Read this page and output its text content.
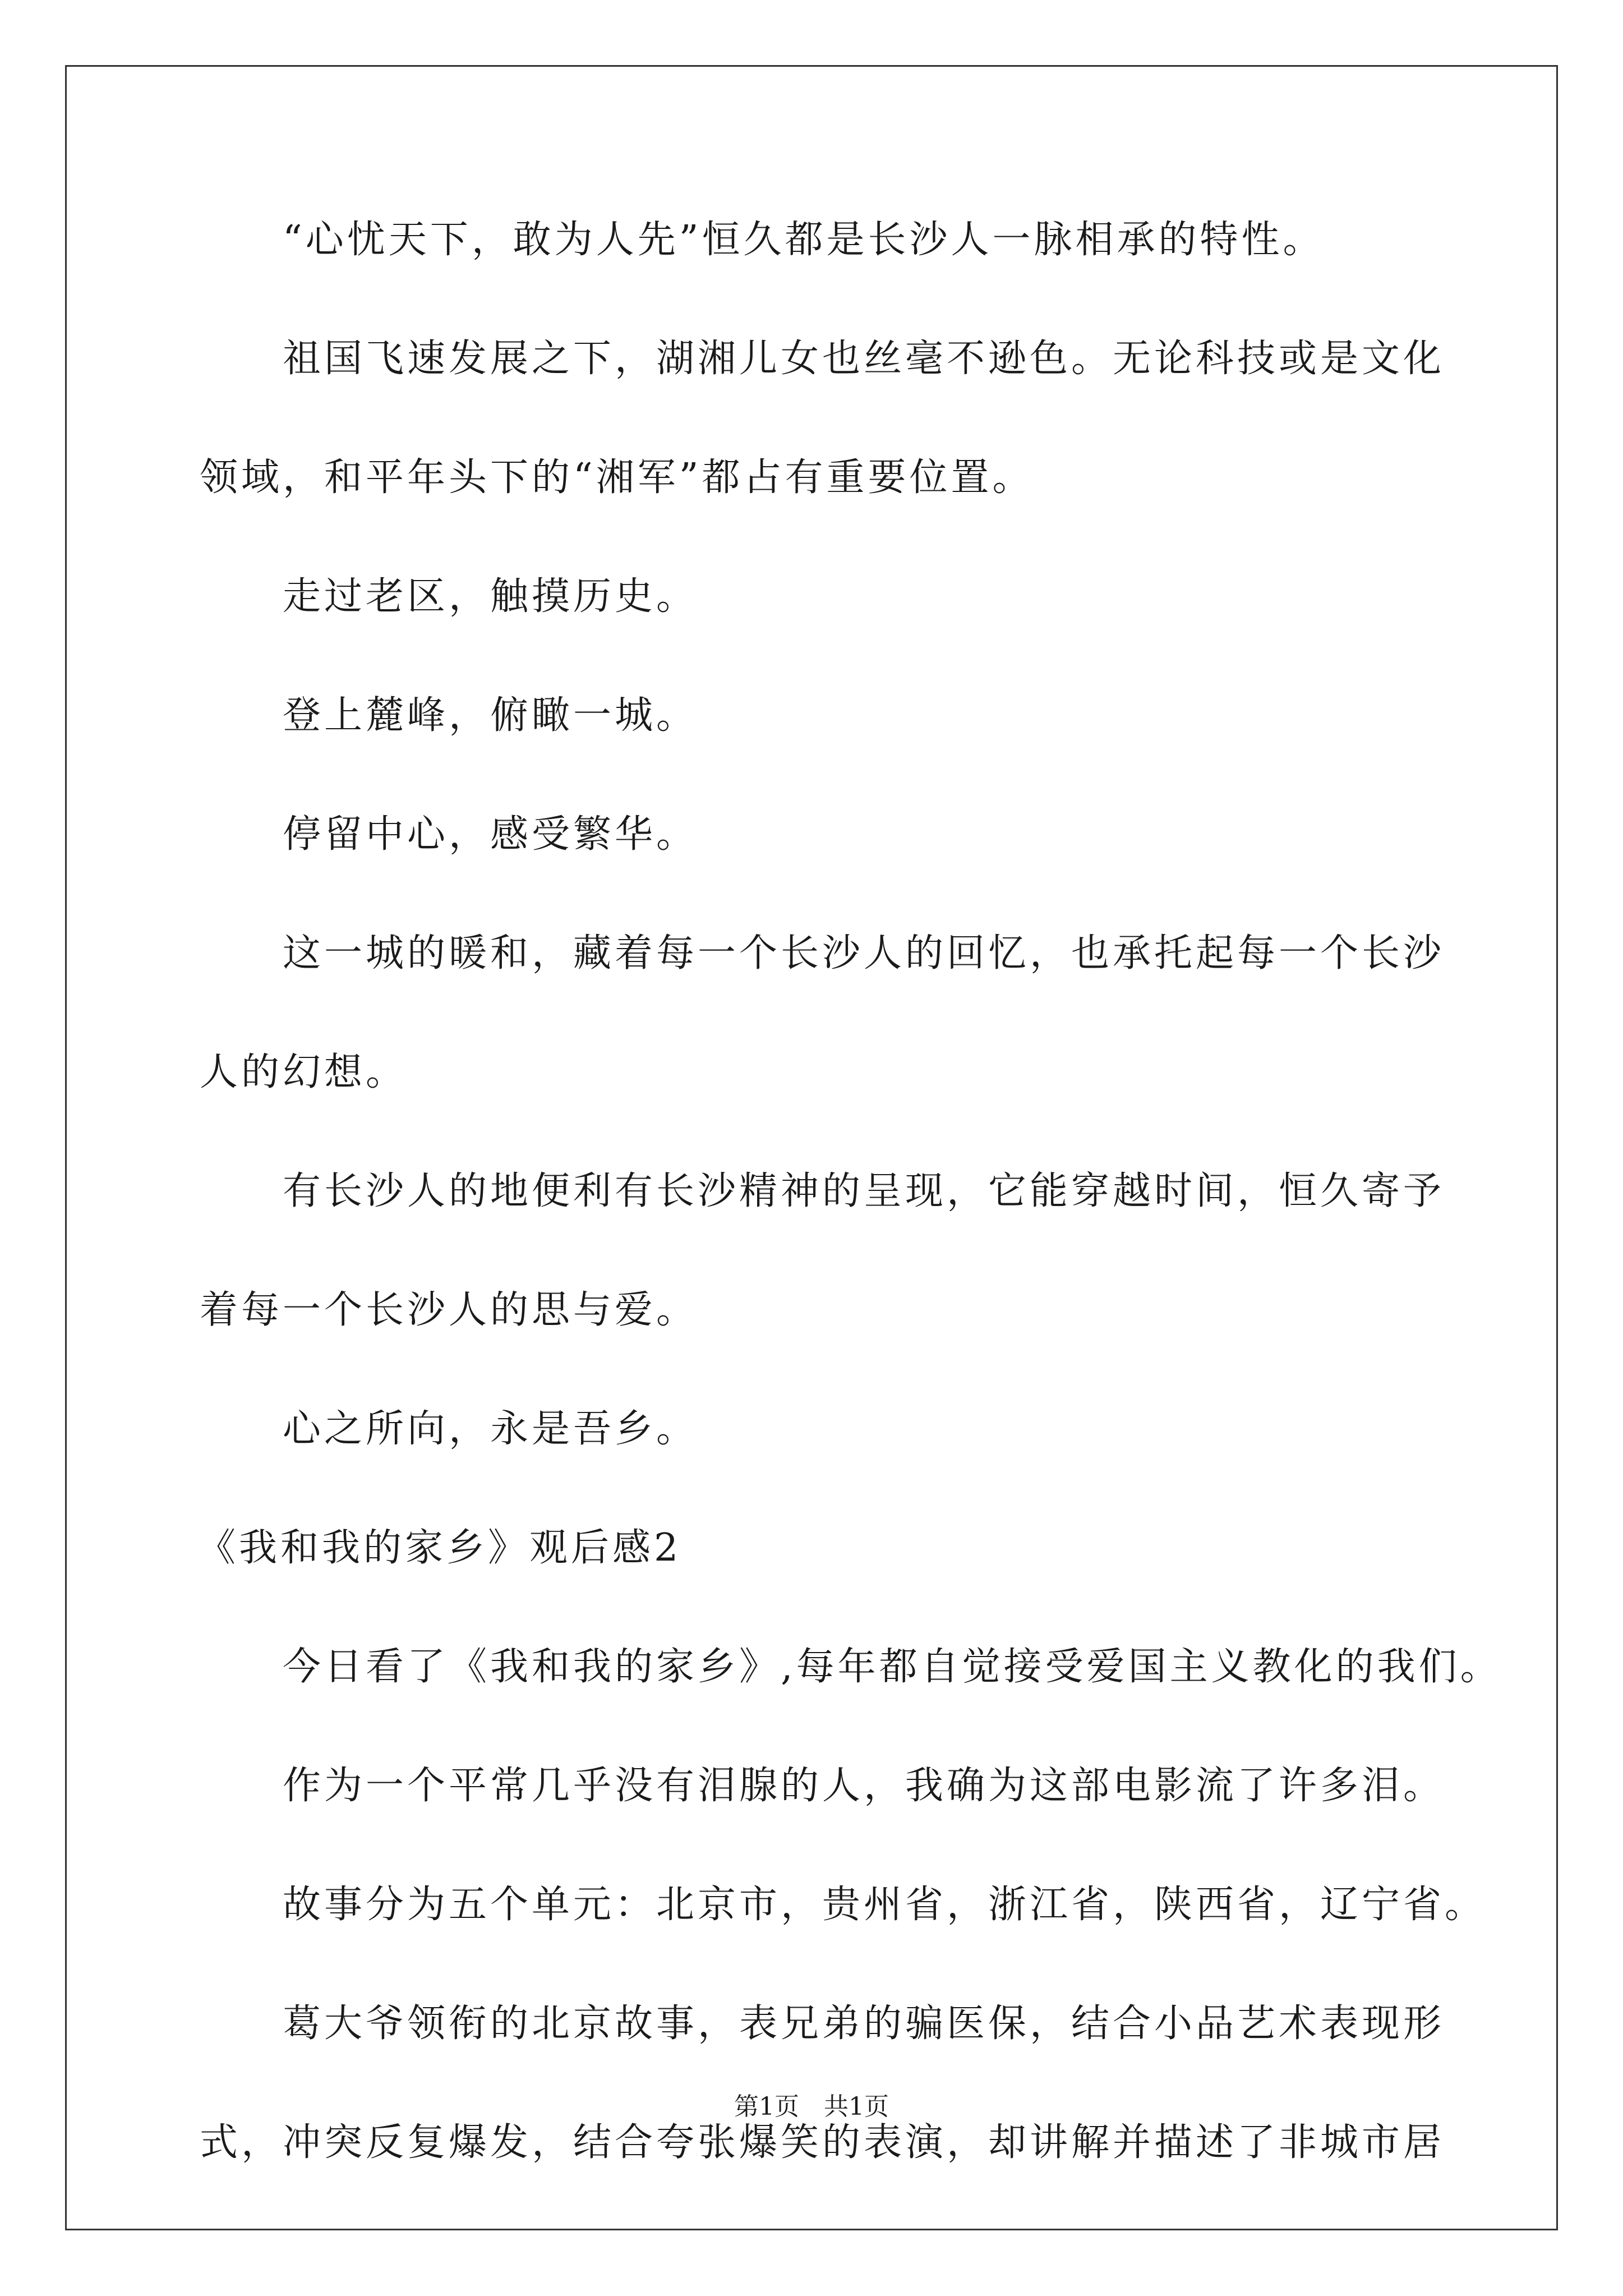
“心忧天下，敢为人先”恒久都是长沙人一脉相承的特性。
祖国飞速发展之下，湖湘儿女也丝毫不逊色。无论科技或是文化
领域，和平年头下的“湘军”都占有重要位置。
走过老区，触摸历史。
登上麓峰，俯瞰一城。
停留中心，感受繁华。
这一城的暖和，藏着每一个长沙人的回忆，也承托起每一个长沙
人的幻想。
有长沙人的地便利有长沙精神的呈现，它能穿越时间，恒久寄予
着每一个长沙人的思与爱。
心之所向，永是吾乡。
《我和我的家乡》观后感2
今日看了《我和我的家乡》,每年都自觉接受爱国主义教化的我们。
作为一个平常几乎没有泪腺的人，我确为这部电影流了许多泪。
故事分为五个单元：北京市，贵州省，浙江省，陕西省，辽宁省。
葛大爷领衔的北京故事，表兄弟的骗医保，结合小品艺术表现形
式，冲突反复爆发，结合夸张爆笑的表演，却讲解并描述了非城市居
第1页　共1页
